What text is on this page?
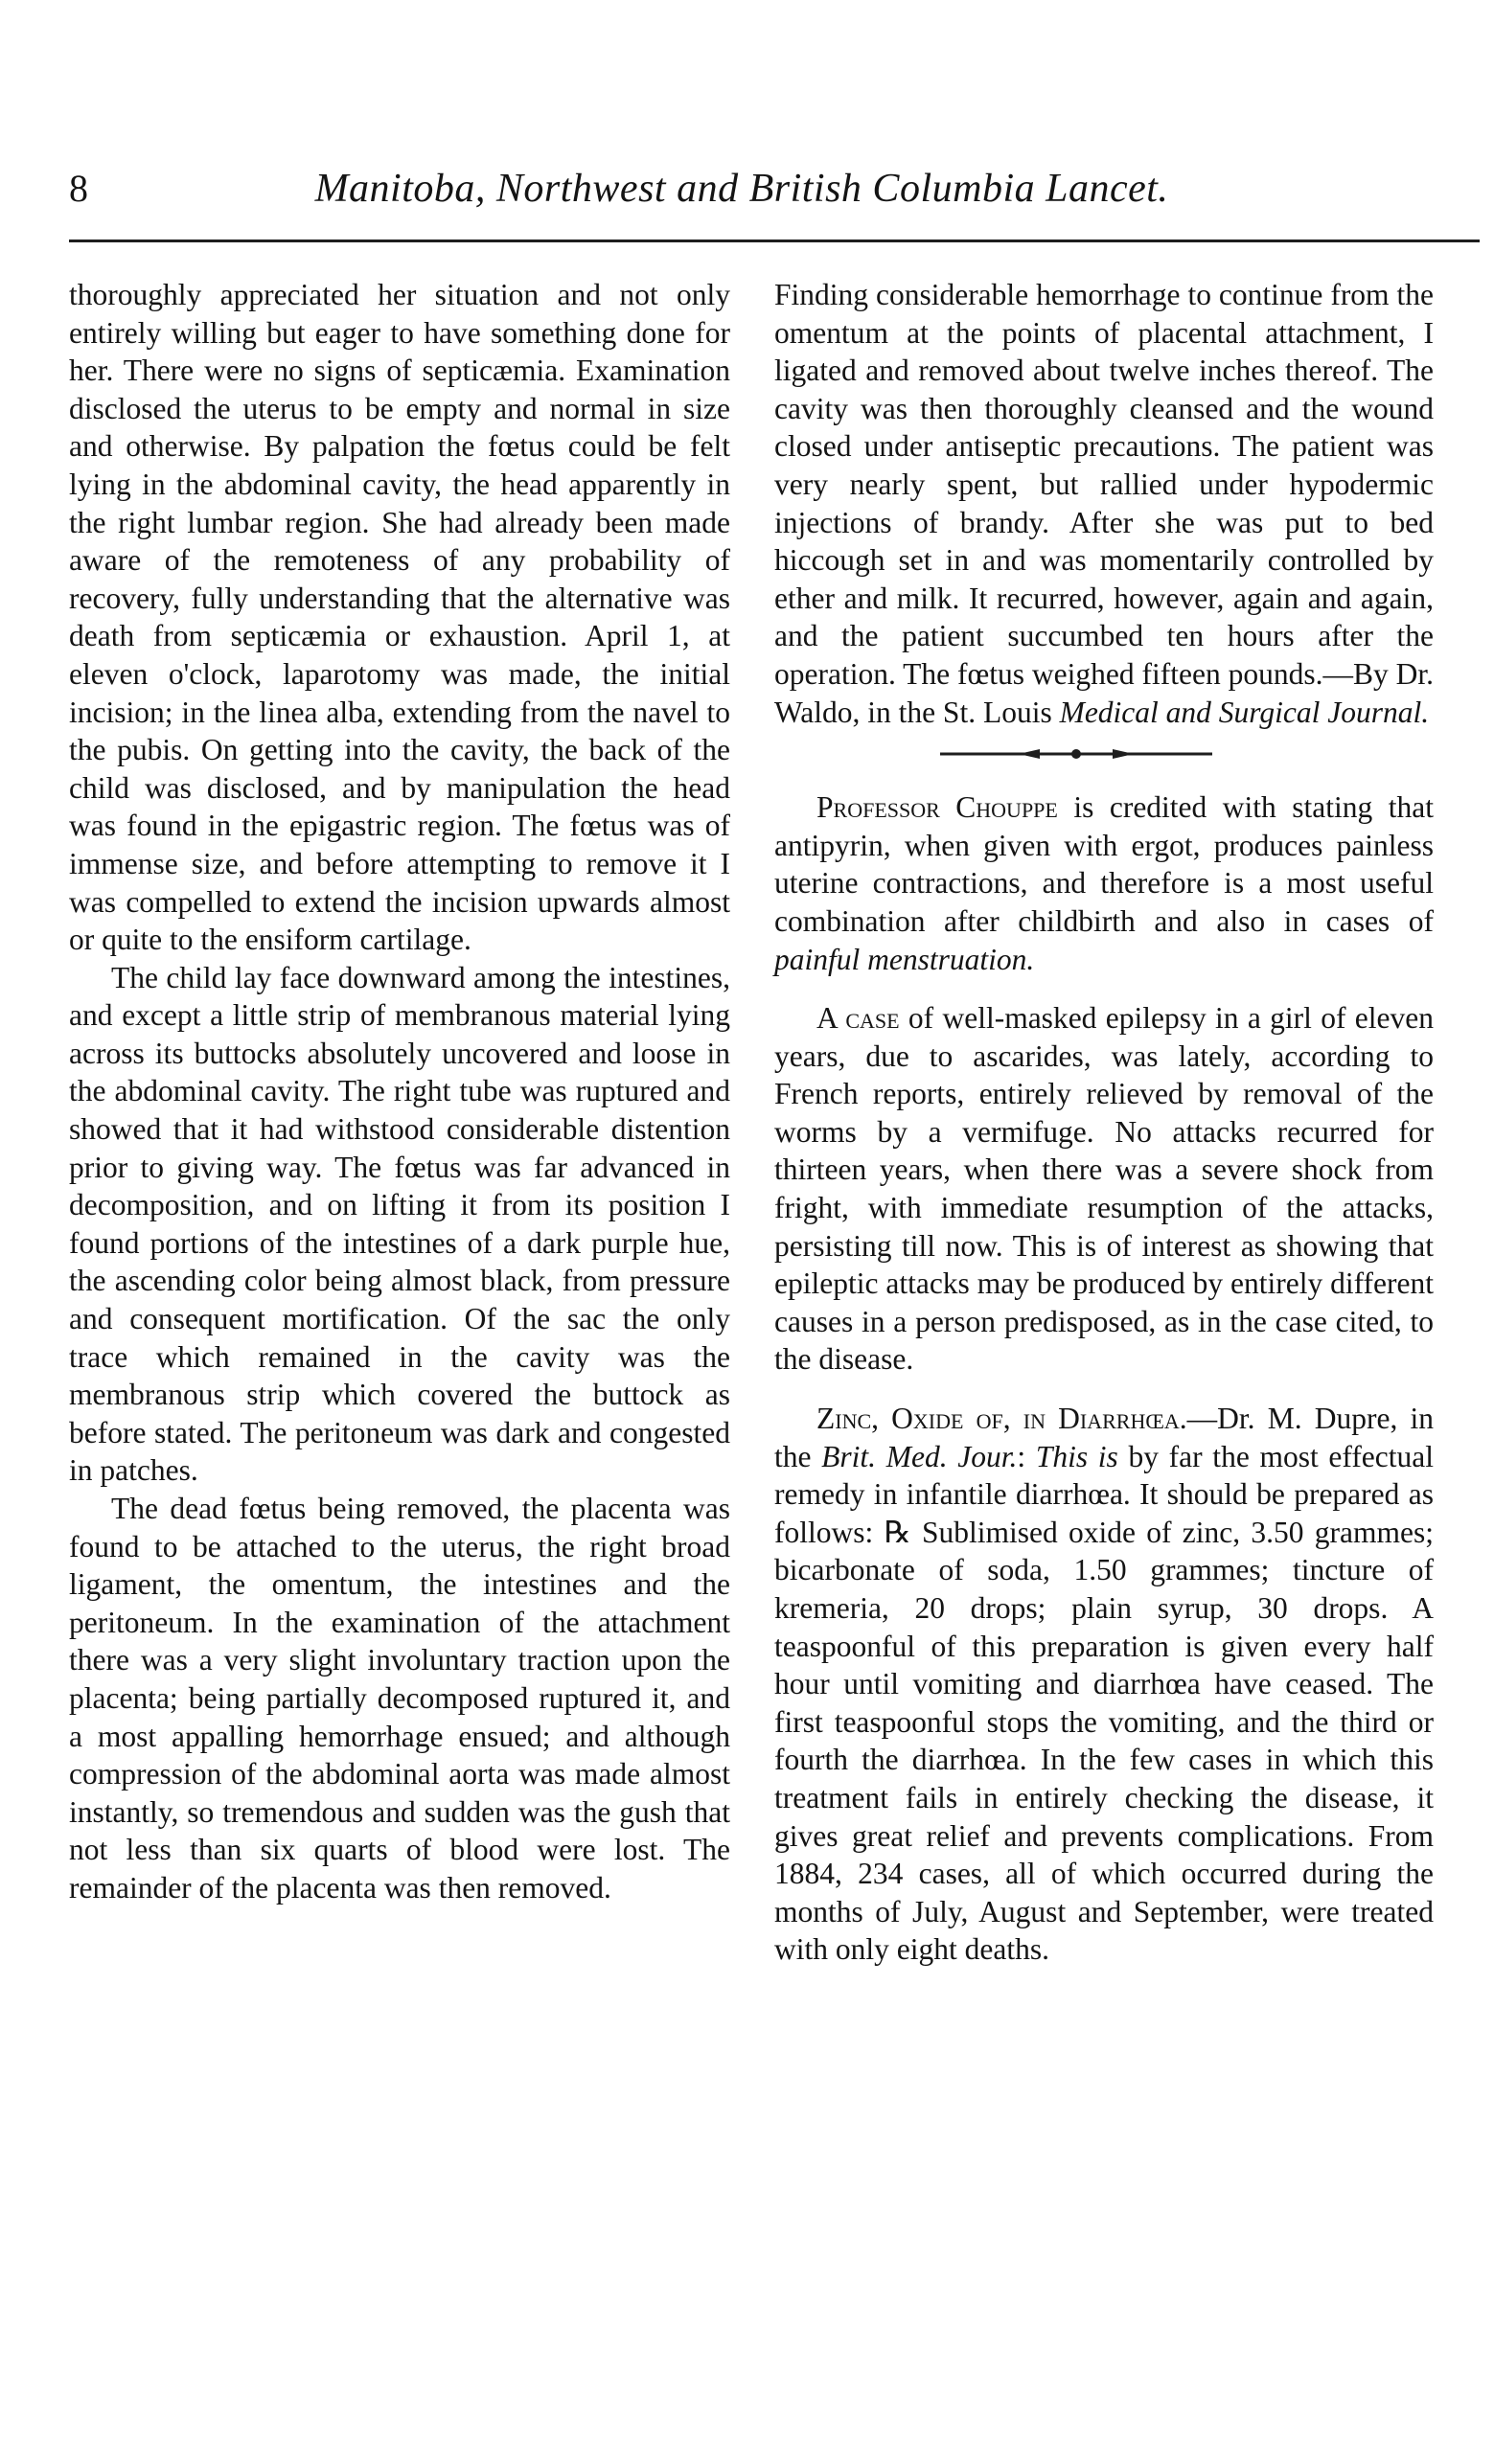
8	Manitoba, Northwest and British Columbia Lancet.

thoroughly appreciated her situation and not only entirely willing but eager to have something done for her. There were no signs of septicæmia. Examination disclosed the uterus to be empty and normal in size and otherwise. By palpation the fœtus could be felt lying in the abdominal cavity, the head apparently in the right lumbar region. She had already been made aware of the remoteness of any probability of recovery, fully understanding that the alternative was death from septicæmia or exhaustion. April 1, at eleven o'clock, laparotomy was made, the initial incision; in the linea alba, extending from the navel to the pubis. On getting into the cavity, the back of the child was disclosed, and by manipulation the head was found in the epigastric region. The fœtus was of immense size, and before attempting to remove it I was compelled to extend the incision upwards almost or quite to the ensiform cartilage.

The child lay face downward among the intestines, and except a little strip of membranous material lying across its buttocks absolutely uncovered and loose in the abdominal cavity. The right tube was ruptured and showed that it had withstood considerable distention prior to giving way. The fœtus was far advanced in decomposition, and on lifting it from its position I found portions of the intestines of a dark purple hue, the ascending color being almost black, from pressure and consequent mortification. Of the sac the only trace which remained in the cavity was the membranous strip which covered the buttock as before stated. The peritoneum was dark and congested in patches.

The dead fœtus being removed, the placenta was found to be attached to the uterus, the right broad ligament, the omentum, the intestines and the peritoneum. In the examination of the attachment there was a very slight involuntary traction upon the placenta; being partially decomposed ruptured it, and a most appalling hemorrhage ensued; and although compression of the abdominal aorta was made almost instantly, so tremendous and sudden was the gush that not less than six quarts of blood were lost. The remainder of the placenta was then removed.

Finding considerable hemorrhage to continue from the omentum at the points of placental attachment, I ligated and removed about twelve inches thereof. The cavity was then thoroughly cleansed and the wound closed under antiseptic precautions. The patient was very nearly spent, but rallied under hypodermic injections of brandy. After she was put to bed hiccough set in and was momentarily controlled by ether and milk. It recurred, however, again and again, and the patient succumbed ten hours after the operation. The fœtus weighed fifteen pounds.—By Dr. Waldo, in the St. Louis Medical and Surgical Journal.

Professor Chouppe is credited with stating that antipyrin, when given with ergot, produces painless uterine contractions, and therefore is a most useful combination after childbirth and also in cases of painful menstruation.

A case of well-masked epilepsy in a girl of eleven years, due to ascarides, was lately, according to French reports, entirely relieved by removal of the worms by a vermifuge. No attacks recurred for thirteen years, when there was a severe shock from fright, with immediate resumption of the attacks, persisting till now. This is of interest as showing that epileptic attacks may be produced by entirely different causes in a person predisposed, as in the case cited, to the disease.

Zinc, Oxide of, in Diarrhœa.—Dr. M. Dupre, in the Brit. Med. Jour.: This is by far the most effectual remedy in infantile diarrhœa. It should be prepared as follows: ℞ Sublimised oxide of zinc, 3.50 grammes; bicarbonate of soda, 1.50 grammes; tincture of kremeria, 20 drops; plain syrup, 30 drops. A teaspoonful of this preparation is given every half hour until vomiting and diarrhœa have ceased. The first teaspoonful stops the vomiting, and the third or fourth the diarrhœa. In the few cases in which this treatment fails in entirely checking the disease, it gives great relief and prevents complications. From 1884, 234 cases, all of which occurred during the months of July, August and September, were treated with only eight deaths.
